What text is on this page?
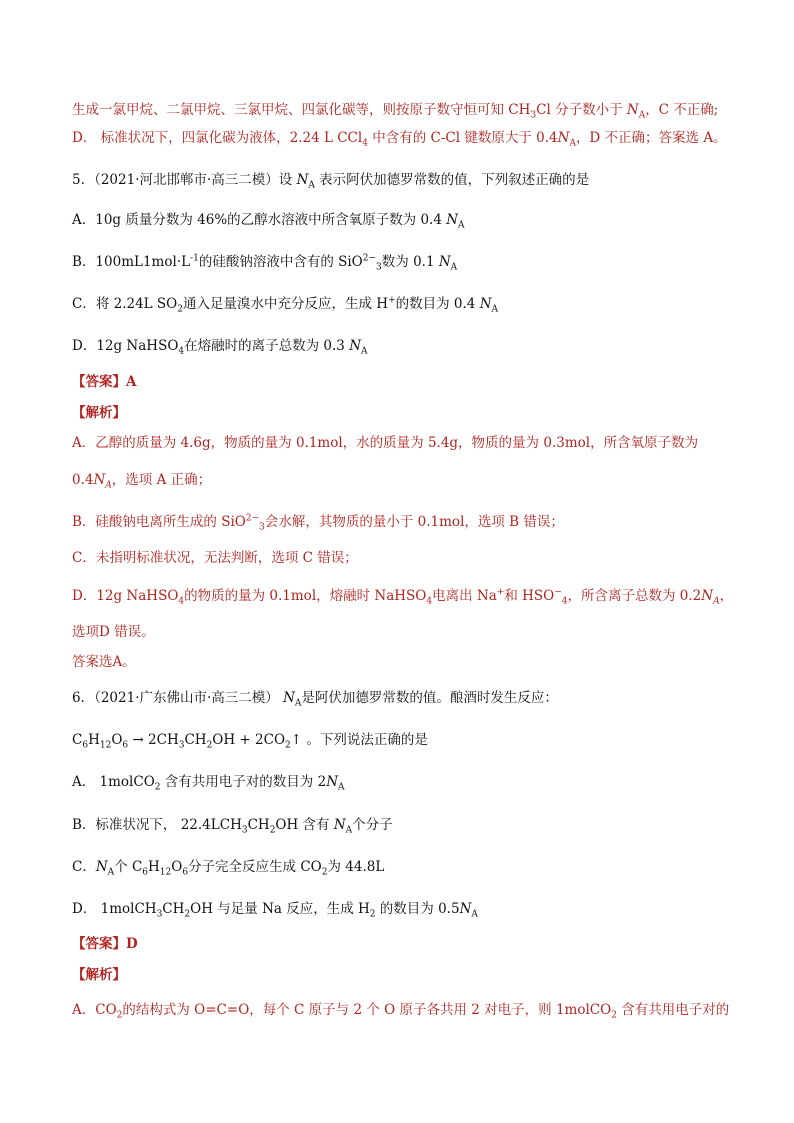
生成一氯甲烷、二氯甲烷、三氯甲烷、四氯化碳等，则按原子数守恒可知 $CH_3Cl$ 分子数小于 $N_A$，C 不正确;
D． 标准状况下，四氯化碳为液体，2.24 L CCl$_4$ 中含有的 C-Cl 键数原大于 $0.4N_A$，D 不正确；答案选 A。
5．（2021·河北邯郸市·高三二模）设 $N_A$ 表示阿伏加德罗常数的值，下列叙述正确的是
A．10g 质量分数为 46%的乙醇水溶液中所含氧原子数为 0.4 $N_A$
B．$100mL1mol\cdot L^{-1}$的硅酸钠溶液中含有的 SiO$^{2-}_3$数为 0.1 $N_A$
C．将 2.24L $SO_2$通入足量溴水中充分反应，生成 H+的数目为 0.4 $N_A$
D．12g NaHSO$_4$在熔融时的离子总数为 0.3 $N_A$
【答案】A
【解析】
A．乙醇的质量为 4.6g，物质的量为 0.1mol，水的质量为 5.4g，物质的量为 0.3mol，所含氧原子数为
$0.4N_A$，选项 A 正确；
B．硅酸钠电离所生成的 SiO$^{2-}_3$会水解，其物质的量小于 0.1mol，选项 B 错误；
C．未指明标准状况，无法判断，选项 C 错误；
D．12g NaHSO$_4$的物质的量为 0.1mol，熔融时 NaHSO$_4$电离出 Na+和 $HSO^-_4$，所含离子总数为 $0.2N_A$，
选项D 错误。
答案选A。
6．（2021·广东佛山市·高三二模） $N_A$是阿伏加德罗常数的值。酿酒时发生反应：
$C_6H_{12}O_6 \to 2CH_3CH_2OH$ + $2CO_2↑$ 。下列说法正确的是
A． 1molCO$_2$ 含有共用电子对的数目为 $2N_A$
B．标准状况下， $22.4LCH_3CH_2OH$ 含有 $N_A$个分子
C．$N_A$个 $C_6H_{12}O_6$分子完全反应生成 $CO_2$为 44.8L
D． $1molCH_3CH_2OH$ 与足量 Na 反应，生成 $H_2$ 的数目为 $0.5N_A$
【答案】D
【解析】
A．$CO_2$的结构式为 O=C=O，每个 C 原子与 2 个 O 原子各共用 2 对电子，则 1molCO$_2$ 含有共用电子对的
